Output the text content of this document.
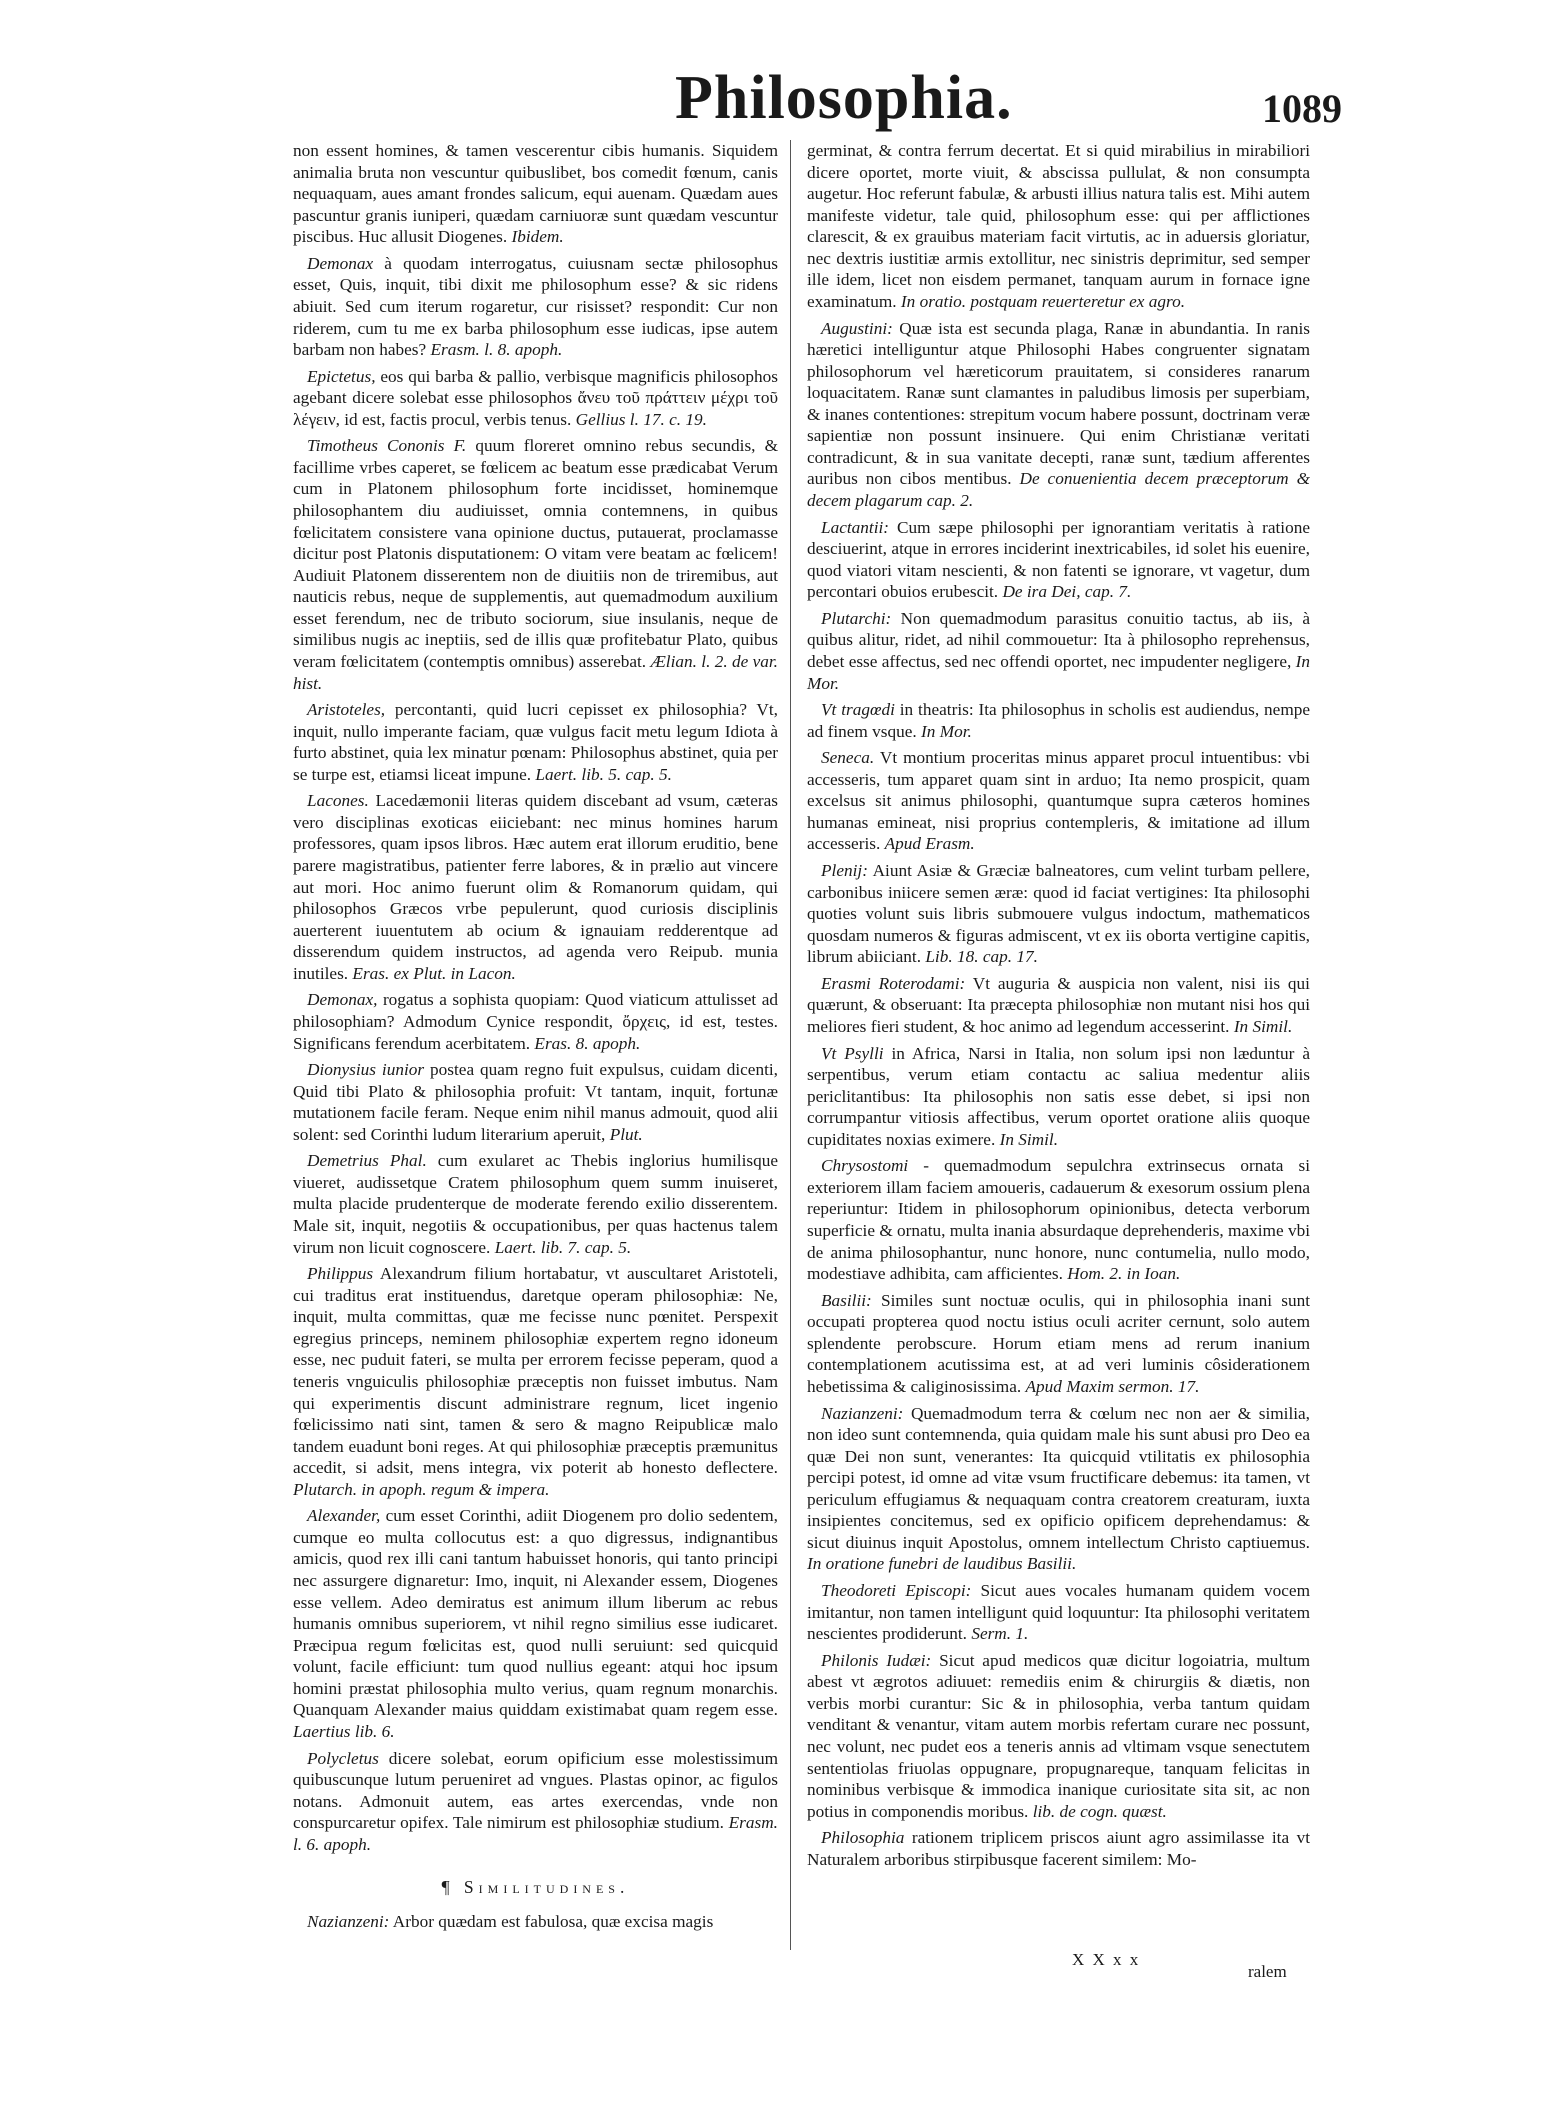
Philosophia.	1089

non essent homines, & tamen vescerentur cibis humanis. Siquidem animalia bruta non vescuntur quibuslibet, bos comedit fœnum, canis nequaquam, aues amant frondes salicum, equi auenam. Quædam aues pascuntur granis iuniperi, quædam carniuoræ sunt quædam vescuntur piscibus. Huc allusit Diogenes. Ibidem.

Demonax à quodam interrogatus, cuiusnam sectæ philosophus esset, Quis, inquit, tibi dixit me philosophum esse? & sic ridens abiuit. Sed cum iterum rogaretur, cur risisset? respondit: Cur non riderem, cum tu me ex barba philosophum esse iudicas, ipse autem barbam non habes? Erasm. l. 8. apoph.

Epictetus, eos qui barba & pallio, verbisque magnificis philosophos agebant dicere solebat esse philosophos ἄνευ τοῦ πράττειν μέχρι τοῦ λέγειν, id est, factis procul, verbis tenus. Gellius l. 17. c. 19.

Timotheus Cononis F. quum floreret omnino rebus secundis, & facillime vrbes caperet, se fœlicem ac beatum esse prædicabat Verum cum in Platonem philosophum forte incidisset, hominemque philosophantem diu audiuisset, omnia contemnens, in quibus fœlicitatem consistere vana opinione ductus, putauerat, proclamasse dicitur post Platonis disputationem: O vitam vere beatam ac fœlicem! Audiuit Platonem disserentem non de diuitiis non de triremibus, aut nauticis rebus, neque de supplementis, aut quemadmodum auxilium esset ferendum, nec de tributo sociorum, siue insulanis, neque de similibus nugis ac ineptiis, sed de illis quæ profitebatur Plato, quibus veram fœlicitatem (contemptis omnibus) asserebat. Ælian. l. 2. de var. hist.

Aristoteles, percontanti, quid lucri cepisset ex philosophia? Vt, inquit, nullo imperante faciam, quæ vulgus facit metu legum Idiota à furto abstinet, quia lex minatur pœnam: Philosophus abstinet, quia per se turpe est, etiamsi liceat impune. Laert. lib. 5. cap. 5.

Lacones. Lacedæmonii literas quidem discebant ad vsum, cæteras vero disciplinas exoticas eiiciebant: nec minus homines harum professores, quam ipsos libros. Hæc autem erat illorum eruditio, bene parere magistratibus, patienter ferre labores, & in prælio aut vincere aut mori. Hoc animo fuerunt olim & Romanorum quidam, qui philosophos Græcos vrbe pepulerunt, quod curiosis disciplinis auerterent iuuentutem ab ocium & ignauiam redderentque ad disserendum quidem instructos, ad agenda vero Reipub. munia inutiles. Eras. ex Plut. in Lacon.

Demonax, rogatus a sophista quopiam: Quod viaticum attulisset ad philosophiam? Admodum Cynice respondit, ὄρχεις, id est, testes. Significans ferendum acerbitatem. Eras. 8. apoph.

Dionysius iunior postea quam regno fuit expulsus, cuidam dicenti, Quid tibi Plato & philosophia profuit: Vt tantam, inquit, fortunæ mutationem facile feram. Neque enim nihil manus admouit, quod alii solent: sed Corinthi ludum literarium aperuit, Plut.

Demetrius Phal. cum exularet ac Thebis inglorius humilisque viueret, audissetque Cratem philosophum quem summ inuiseret, multa placide prudenterque de moderate ferendo exilio disserentem. Male sit, inquit, negotiis & occupationibus, per quas hactenus talem virum non licuit cognoscere. Laert. lib. 7. cap. 5.

Philippus Alexandrum filium hortabatur, vt auscultaret Aristoteli, cui traditus erat instituendus, daretque operam philosophiæ: Ne, inquit, multa committas, quæ me fecisse nunc pœnitet. Perspexit egregius princeps, neminem philosophiæ expertem regno idoneum esse, nec puduit fateri, se multa per errorem fecisse peperam, quod a teneris vnguiculis philosophiæ præceptis non fuisset imbutus. Nam qui experimentis discunt administrare regnum, licet ingenio fœlicissimo nati sint, tamen & sero & magno Reipublicæ malo tandem euadunt boni reges. At qui philosophiæ præceptis præmunitus accedit, si adsit, mens integra, vix poterit ab honesto deflectere. Plutarch. in apoph. regum & impera.

Alexander, cum esset Corinthi, adiit Diogenem pro dolio sedentem, cumque eo multa collocutus est: a quo digressus, indignantibus amicis, quod rex illi cani tantum habuisset honoris, qui tanto principi nec assurgere dignaretur: Imo, inquit, ni Alexander essem, Diogenes esse vellem. Adeo demiratus est animum illum liberum ac rebus humanis omnibus superiorem, vt nihil regno similius esse iudicaret. Præcipua regum fœlicitas est, quod nulli seruiunt: sed quicquid volunt, facile efficiunt: tum quod nullius egeant: atqui hoc ipsum homini præstat philosophia multo verius, quam regnum monarchis. Quanquam Alexander maius quiddam existimabat quam regem esse. Laertius lib. 6.

Polycletus dicere solebat, eorum opificium esse molestissimum quibuscunque lutum perueniret ad vngues. Plastas opinor, ac figulos notans. Admonuit autem, eas artes exercendas, vnde non conspurcaretur opifex. Tale nimirum est philosophiæ studium. Erasm. l. 6. apoph.

¶ Similitudines.

Nazianzeni: Arbor quædam est fabulosa, quæ excisa magis

germinat, & contra ferrum decertat. Et si quid mirabilius in mirabiliori dicere oportet, morte viuit, & abscissa pullulat, & non consumpta augetur. Hoc referunt fabulæ, & arbusti illius natura talis est. Mihi autem manifeste videtur, tale quid, philosophum esse: qui per afflictiones clarescit, & ex grauibus materiam facit virtutis, ac in aduersis gloriatur, nec dextris iustitiæ armis extollitur, nec sinistris deprimitur, sed semper ille idem, licet non eisdem permanet, tanquam aurum in fornace igne examinatum. In oratio. postquam reuerteretur ex agro.

Augustini: Quæ ista est secunda plaga, Ranæ in abundantia. In ranis hæretici intelliguntur atque Philosophi Habes congruenter signatam philosophorum vel hæreticorum prauitatem, si consideres ranarum loquacitatem. Ranæ sunt clamantes in paludibus limosis per superbiam, & inanes contentiones: strepitum vocum habere possunt, doctrinam veræ sapientiæ non possunt insinuere. Qui enim Christianæ veritati contradicunt, & in sua vanitate decepti, ranæ sunt, tædium afferentes auribus non cibos mentibus. De conuenientia decem præceptorum & decem plagarum cap. 2.

Lactantii: Cum sæpe philosophi per ignorantiam veritatis à ratione desciuerint, atque in errores inciderint inextricabiles, id solet his euenire, quod viatori vitam nescienti, & non fatenti se ignorare, vt vagetur, dum percontari obuios erubescit. De ira Dei, cap. 7.

Plutarchi: Non quemadmodum parasitus conuitio tactus, ab iis, à quibus alitur, ridet, ad nihil commouetur: Ita à philosopho reprehensus, debet esse affectus, sed nec offendi oportet, nec impudenter negligere, In Mor.

Vt tragœdi in theatris: Ita philosophus in scholis est audiendus, nempe ad finem vsque. In Mor.

Seneca. Vt montium proceritas minus apparet procul intuentibus: vbi accesseris, tum apparet quam sint in arduo; Ita nemo prospicit, quam excelsus sit animus philosophi, quantumque supra cæteros homines humanas emineat, nisi proprius contempleris, & imitatione ad illum accesseris. Apud Erasm.

Plenij: Aiunt Asiæ & Græciæ balneatores, cum velint turbam pellere, carbonibus iniicere semen æræ: quod id faciat vertigines: Ita philosophi quoties volunt suis libris submouere vulgus indoctum, mathematicos quosdam numeros & figuras admiscent, vt ex iis oborta vertigine capitis, librum abiiciant. Lib. 18. cap. 17.

Erasmi Roterodami: Vt auguria & auspicia non valent, nisi iis qui quærunt, & obseruant: Ita præcepta philosophiæ non mutant nisi hos qui meliores fieri student, & hoc animo ad legendum accesserint. In Simil.

Vt Psylli in Africa, Narsi in Italia, non solum ipsi non læduntur à serpentibus, verum etiam contactu ac saliua medentur aliis periclitantibus: Ita philosophis non satis esse debet, si ipsi non corrumpantur vitiosis affectibus, verum oportet oratione aliis quoque cupiditates noxias eximere. In Simil.

Chrysostomi - quemadmodum sepulchra extrinsecus ornata si exteriorem illam faciem amoueris, cadauerum & exesorum ossium plena reperiuntur: Itidem in philosophorum opinionibus, detecta verborum superficie & ornatu, multa inania absurdaque deprehenderis, maxime vbi de anima philosophantur, nunc honore, nunc contumelia, nullo modo, modestiave adhibita, cam afficientes. Hom. 2. in Ioan.

Basilii: Similes sunt noctuæ oculis, qui in philosophia inani sunt occupati propterea quod noctu istius oculi acriter cernunt, solo autem splendente perobscure. Horum etiam mens ad rerum inanium contemplationem acutissima est, at ad veri luminis côsiderationem hebetissima & caliginosissima. Apud Maxim sermon. 17.

Nazianzeni: Quemadmodum terra & cœlum nec non aer & similia, non ideo sunt contemnenda, quia quidam male his sunt abusi pro Deo ea quæ Dei non sunt, venerantes: Ita quicquid vtilitatis ex philosophia percipi potest, id omne ad vitæ vsum fructificare debemus: ita tamen, vt periculum effugiamus & nequaquam contra creatorem creaturam, iuxta insipientes concitemus, sed ex opificio opificem deprehendamus: & sicut diuinus inquit Apostolus, omnem intellectum Christo captiuemus. In oratione funebri de laudibus Basilii.

Theodoreti Episcopi: Sicut aues vocales humanam quidem vocem imitantur, non tamen intelligunt quid loquuntur: Ita philosophi veritatem nescientes prodiderunt. Serm. 1.

Philonis Iudæi: Sicut apud medicos quæ dicitur logoiatria, multum abest vt ægrotos adiuuet: remediis enim & chirurgiis & diætis, non verbis morbi curantur: Sic & in philosophia, verba tantum quidam venditant & venantur, vitam autem morbis refertam curare nec possunt, nec volunt, nec pudet eos a teneris annis ad vltimam vsque senectutem sententiolas friuolas oppugnare, propugnareque, tanquam felicitas in nominibus verbisque & immodica inanique curiositate sita sit, ac non potius in componendis moribus. lib. de cogn. quæst.

Philosophia rationem triplicem priscos aiunt agro assimilasse ita vt Naturalem arboribus stirpibusque facerent similem: Mo-

X X x x
ralem
